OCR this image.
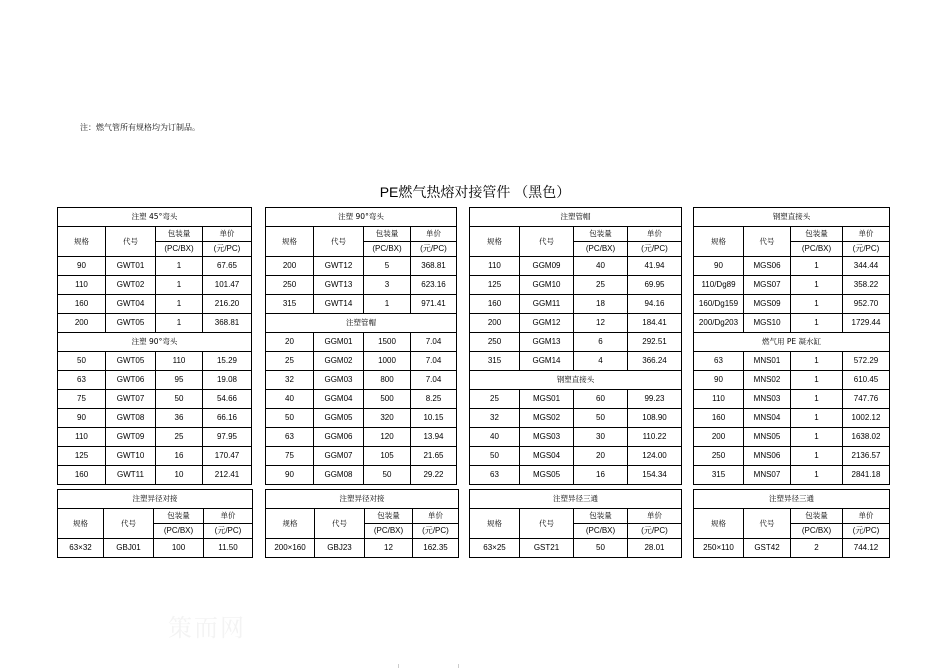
注：燃气管所有规格均为订制品。
PE燃气热熔对接管件 （黑色）
注塑 45°弯头			
规格	代号	包装量	单价
		(PC/BX)	(元/PC)
90	GWT01	1	67.65
110	GWT02	1	101.47
160	GWT04	1	216.20
200	GWT05	1	368.81
注塑 90°弯头			
50	GWT05	110	15.29
63	GWT06	95	19.08
75	GWT07	50	54.66
90	GWT08	36	66.16
110	GWT09	25	97.95
125	GWT10	16	170.47
160	GWT11	10	212.41
注塑 90°弯头			
规格	代号	包装量	单价
		(PC/BX)	(元/PC)
200	GWT12	5	368.81
250	GWT13	3	623.16
315	GWT14	1	971.41
注塑管帽			
20	GGM01	1500	7.04
25	GGM02	1000	7.04
32	GGM03	800	7.04
40	GGM04	500	8.25
50	GGM05	320	10.15
63	GGM06	120	13.94
75	GGM07	105	21.65
90	GGM08	50	29.22
注塑管帽			
规格	代号	包装量	单价
		(PC/BX)	(元/PC)
110	GGM09	40	41.94
125	GGM10	25	69.95
160	GGM11	18	94.16
200	GGM12	12	184.41
250	GGM13	6	292.51
315	GGM14	4	366.24
钢塑直接头			
25	MGS01	60	99.23
32	MGS02	50	108.90
40	MGS03	30	110.22
50	MGS04	20	124.00
63	MGS05	16	154.34
钢塑直接头			
规格	代号	包装量	单价
		(PC/BX)	(元/PC)
90	MGS06	1	344.44
110/Dg89	MGS07	1	358.22
160/Dg159	MGS09	1	952.70
200/Dg203	MGS10	1	1729.44
燃气用 PE 凝水缸			
63	MNS01	1	572.29
90	MNS02	1	610.45
110	MNS03	1	747.76
160	MNS04	1	1002.12
200	MNS05	1	1638.02
250	MNS06	1	2136.57
315	MNS07	1	2841.18
注塑异径对接			
规格	代号	包装量	单价
		(PC/BX)	(元/PC)
63×32	GBJ01	100	11.50
注塑异径对接			
规格	代号	包装量	单价
		(PC/BX)	(元/PC)
200×160	GBJ23	12	162.35
注塑异径三通			
规格	代号	包装量	单价
		(PC/BX)	(元/PC)
63×25	GST21	50	28.01
注塑异径三通			
规格	代号	包装量	单价
		(PC/BX)	(元/PC)
250×110	GST42	2	744.12
策而网
